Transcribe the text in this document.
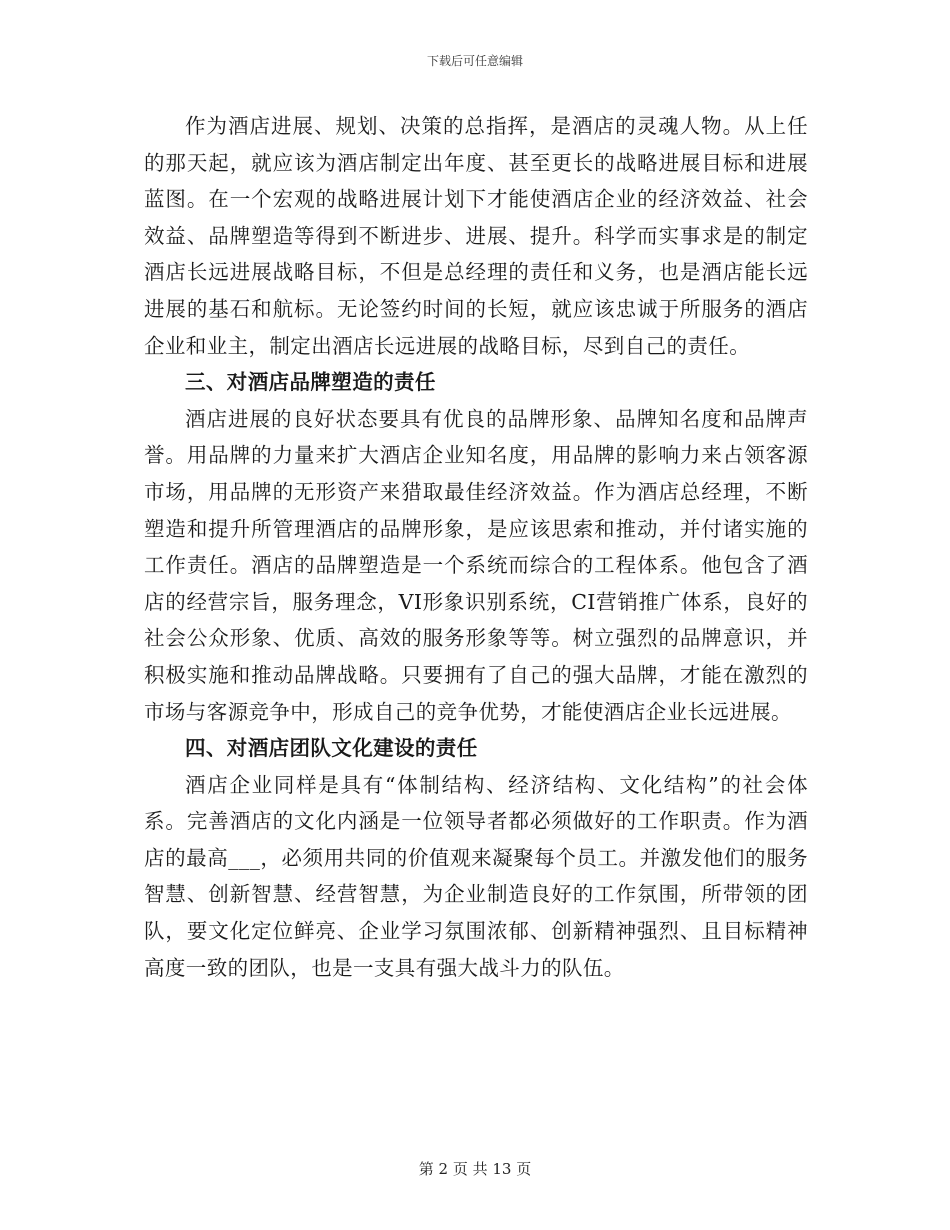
下载后可任意编辑

作为酒店进展、规划、决策的总指挥，是酒店的灵魂人物。从上任的那天起，就应该为酒店制定出年度、甚至更长的战略进展目标和进展蓝图。在一个宏观的战略进展计划下才能使酒店企业的经济效益、社会效益、品牌塑造等得到不断进步、进展、提升。科学而实事求是的制定酒店长远进展战略目标，不但是总经理的责任和义务，也是酒店能长远进展的基石和航标。无论签约时间的长短，就应该忠诚于所服务的酒店企业和业主，制定出酒店长远进展的战略目标，尽到自己的责任。

三、对酒店品牌塑造的责任

酒店进展的良好状态要具有优良的品牌形象、品牌知名度和品牌声誉。用品牌的力量来扩大酒店企业知名度，用品牌的影响力来占领客源市场，用品牌的无形资产来猎取最佳经济效益。作为酒店总经理，不断塑造和提升所管理酒店的品牌形象，是应该思索和推动，并付诸实施的工作责任。酒店的品牌塑造是一个系统而综合的工程体系。他包含了酒店的经营宗旨，服务理念，VI形象识别系统，CI营销推广体系，良好的社会公众形象、优质、高效的服务形象等等。树立强烈的品牌意识，并积极实施和推动品牌战略。只要拥有了自己的强大品牌，才能在激烈的市场与客源竞争中，形成自己的竞争优势，才能使酒店企业长远进展。

四、对酒店团队文化建设的责任

酒店企业同样是具有“体制结构、经济结构、文化结构”的社会体系。完善酒店的文化内涵是一位领导者都必须做好的工作职责。作为酒店的最高___，必须用共同的价值观来凝聚每个员工。并激发他们的服务智慧、创新智慧、经营智慧，为企业制造良好的工作氛围，所带领的团队，要文化定位鲜亮、企业学习氛围浓郁、创新精神强烈、且目标精神高度一致的团队，也是一支具有强大战斗力的队伍。

第 2 页 共 13 页
